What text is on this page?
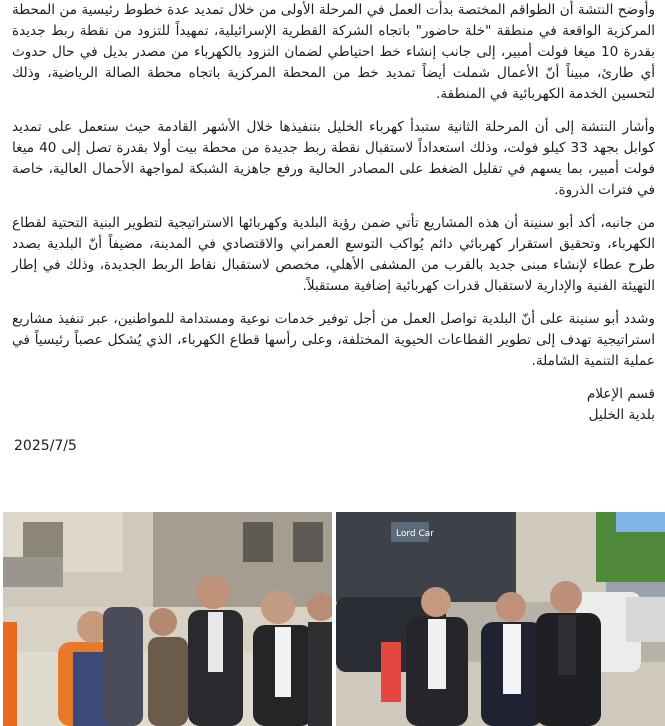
وأوضح النتشة أن الطواقم المختصة بدأت العمل في المرحلة الأولى من خلال تمديد عدة خطوط رئيسية من المحطة المركزية الواقعة في منطقة "خلة حاضور" باتجاه الشركة القطرية الإسرائيلية، تمهيداً للتزود من نقطة ربط جديدة بقدرة 10 ميغا فولت أمبير، إلى جانب إنشاء خط احتياطي لضمان التزود بالكهرباء من مصدر بديل في حال حدوث أي طارئ، مبيناً أنّ الأعمال شملت أيضاً تمديد خط من المحطة المركزية باتجاه محطة الصالة الرياضية، وذلك لتحسين الخدمة الكهربائية في المنطقة.

وأشار النتشة إلى أن المرحلة الثانية ستبدأ كهرباء الخليل بتنفيذها خلال الأشهر القادمة حيث ستعمل على تمديد كوابل بجهد 33 كيلو فولت، وذلك استعداداً لاستقبال نقطة ربط جديدة من محطة بيت أولا بقدرة تصل إلى 40 ميغا فولت أمبير، بما يسهم في تقليل الضغط على المصادر الحالية ورفع جاهزية الشبكة لمواجهة الأحمال العالية، خاصة في فترات الذروة.

من جانبه، أكد أبو سنينة أن هذه المشاريع تأتي ضمن رؤية البلدية وكهربائها الاستراتيجية لتطوير البنية التحتية لقطاع الكهرباء، وتحقيق استقرار كهربائي دائم يُواكب التوسع العمراني والاقتصادي في المدينة، مضيفاً أنّ البلدية بصدد طرح عطاء لإنشاء مبنى جديد بالقرب من المشفى الأهلي، مخصص لاستقبال نقاط الربط الجديدة، وذلك في إطار التهيئة الفنية والإدارية لاستقبال قدرات كهربائية إضافية مستقبلاً.

وشدد أبو سنينة على أنّ البلدية تواصل العمل من أجل توفير خدمات نوعية ومستدامة للمواطنين، عبر تنفيذ مشاريع استراتيجية تهدف إلى تطوير القطاعات الحيوية المختلفة، وعلى رأسها قطاع الكهرباء، الذي يُشكل عصباً رئيسياً في عملية التنمية الشاملة.

قسم الإعلام
بلدية الخليل
2025/7/5
Lord Car
